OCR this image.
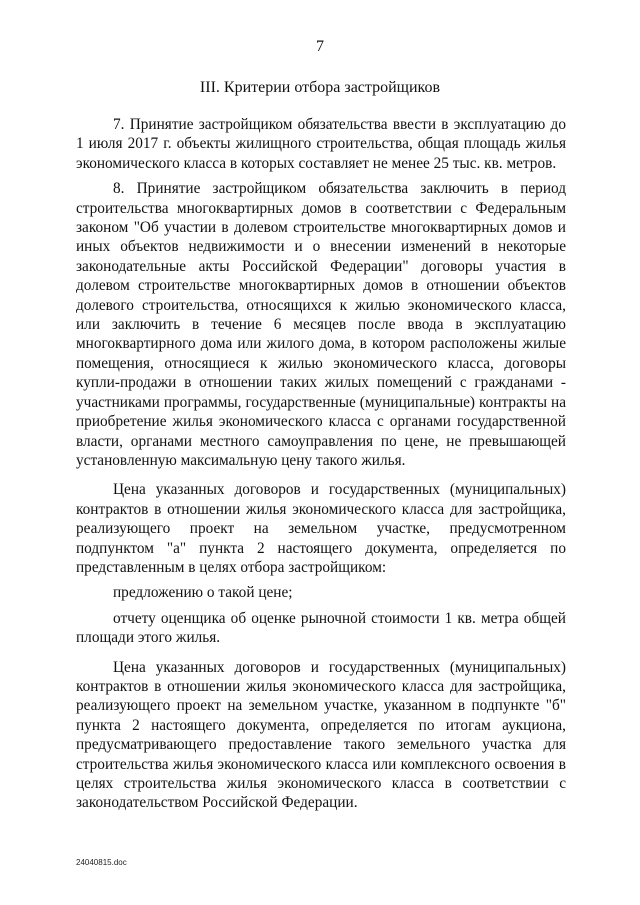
7
III. Критерии отбора застройщиков

7. Принятие застройщиком обязательства ввести в эксплуатацию до 1 июля 2017 г. объекты жилищного строительства, общая площадь жилья экономического класса в которых составляет не менее 25 тыс. кв. метров.

8. Принятие застройщиком обязательства заключить в период строительства многоквартирных домов в соответствии с Федеральным законом "Об участии в долевом строительстве многоквартирных домов и иных объектов недвижимости и о внесении изменений в некоторые законодательные акты Российской Федерации" договоры участия в долевом строительстве многоквартирных домов в отношении объектов долевого строительства, относящихся к жилью экономического класса, или заключить в течение 6 месяцев после ввода в эксплуатацию многоквартирного дома или жилого дома, в котором расположены жилые помещения, относящиеся к жилью экономического класса, договоры купли-продажи в отношении таких жилых помещений с гражданами - участниками программы, государственные (муниципальные) контракты на приобретение жилья экономического класса с органами государственной власти, органами местного самоуправления по цене, не превышающей установленную максимальную цену такого жилья.

Цена указанных договоров и государственных (муниципальных) контрактов в отношении жилья экономического класса для застройщика, реализующего проект на земельном участке, предусмотренном подпунктом "а" пункта 2 настоящего документа, определяется по представленным в целях отбора застройщиком:

предложению о такой цене;

отчету оценщика об оценке рыночной стоимости 1 кв. метра общей площади этого жилья.

Цена указанных договоров и государственных (муниципальных) контрактов в отношении жилья экономического класса для застройщика, реализующего проект на земельном участке, указанном в подпункте "б" пункта 2 настоящего документа, определяется по итогам аукциона, предусматривающего предоставление такого земельного участка для строительства жилья экономического класса или комплексного освоения в целях строительства жилья экономического класса в соответствии с законодательством Российской Федерации.

24040815.doc
